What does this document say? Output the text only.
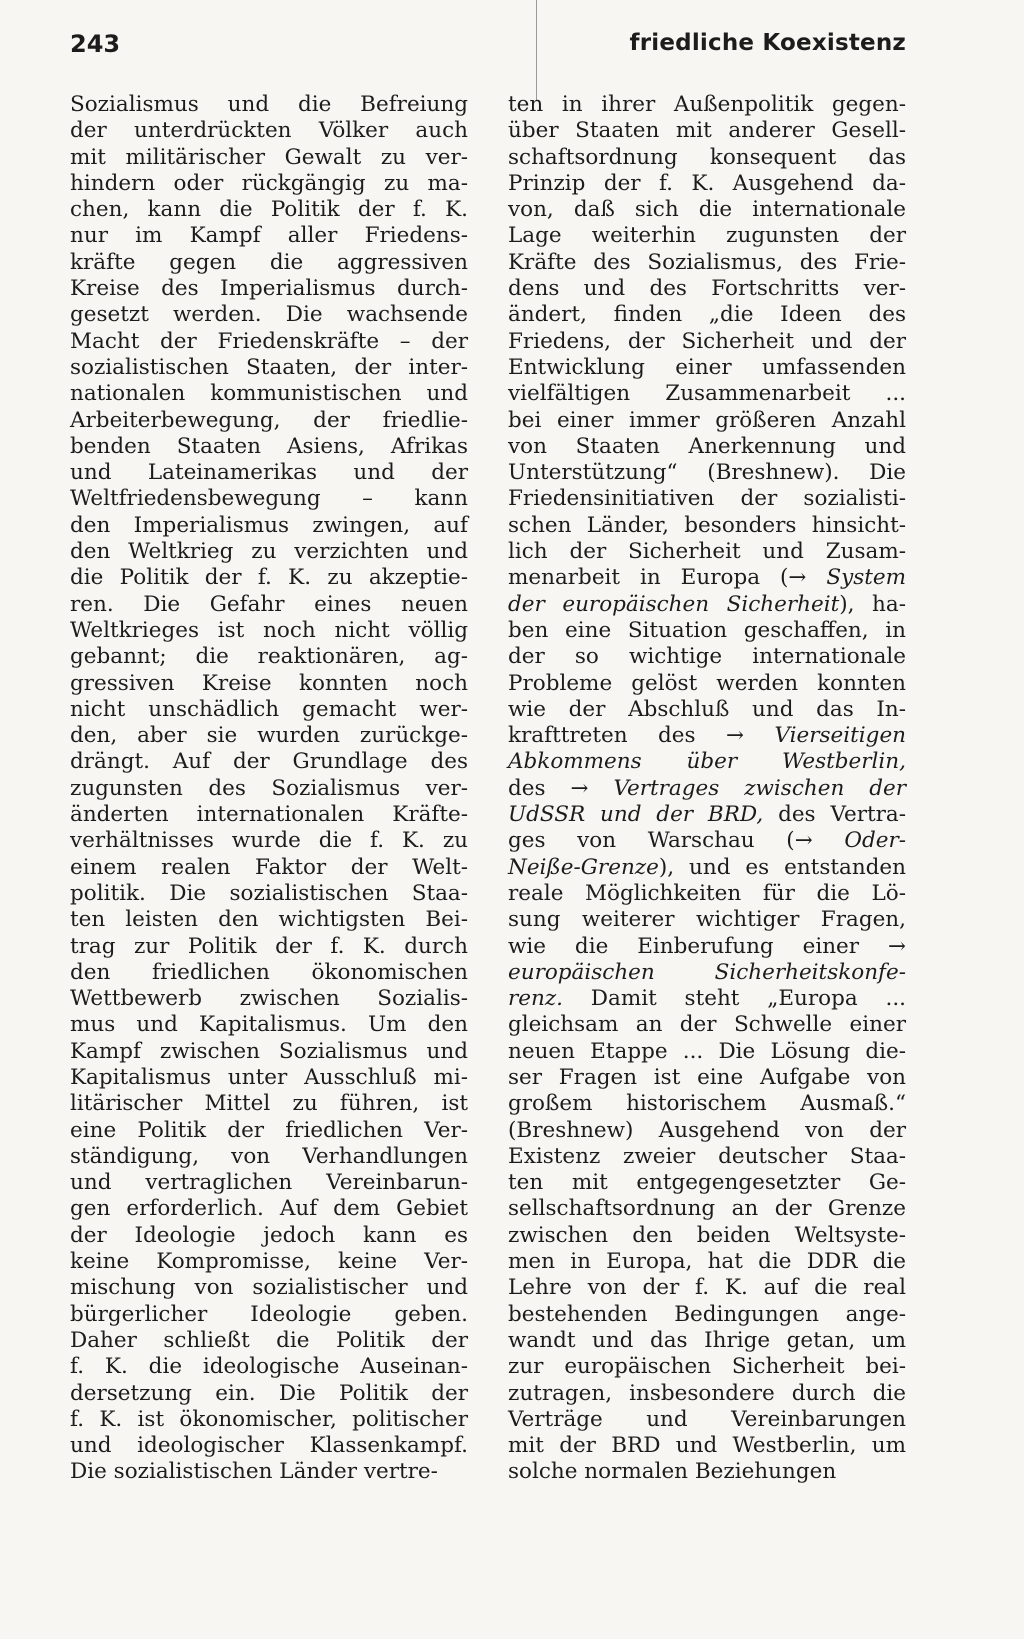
243	friedliche Koexistenz
Sozialismus und die Befreiung
der unterdrückten Völker auch
mit militärischer Gewalt zu ver-
hindern oder rückgängig zu ma-
chen, kann die Politik der f. K.
nur im Kampf aller Friedens-
kräfte gegen die aggressiven
Kreise des Imperialismus durch-
gesetzt werden. Die wachsende
Macht der Friedenskräfte – der
sozialistischen Staaten, der inter-
nationalen kommunistischen und
Arbeiterbewegung, der friedlie-
benden Staaten Asiens, Afrikas
und Lateinamerikas und der
Weltfriedensbewegung – kann
den Imperialismus zwingen, auf
den Weltkrieg zu verzichten und
die Politik der f. K. zu akzeptie-
ren. Die Gefahr eines neuen
Weltkrieges ist noch nicht völlig
gebannt; die reaktionären, ag-
gressiven Kreise konnten noch
nicht unschädlich gemacht wer-
den, aber sie wurden zurückge-
drängt. Auf der Grundlage des
zugunsten des Sozialismus ver-
änderten internationalen Kräfte-
verhältnisses wurde die f. K. zu
einem realen Faktor der Welt-
politik. Die sozialistischen Staa-
ten leisten den wichtigsten Bei-
trag zur Politik der f. K. durch
den friedlichen ökonomischen
Wettbewerb zwischen Sozialis-
mus und Kapitalismus. Um den
Kampf zwischen Sozialismus und
Kapitalismus unter Ausschluß mi-
litärischer Mittel zu führen, ist
eine Politik der friedlichen Ver-
ständigung, von Verhandlungen
und vertraglichen Vereinbarun-
gen erforderlich. Auf dem Gebiet
der Ideologie jedoch kann es
keine Kompromisse, keine Ver-
mischung von sozialistischer und
bürgerlicher Ideologie geben.
Daher schließt die Politik der
f. K. die ideologische Auseinan-
dersetzung ein. Die Politik der
f. K. ist ökonomischer, politischer
und ideologischer Klassenkampf.
Die sozialistischen Länder vertre-
ten in ihrer Außenpolitik gegen-
über Staaten mit anderer Gesell-
schaftsordnung konsequent das
Prinzip der f. K. Ausgehend da-
von, daß sich die internationale
Lage weiterhin zugunsten der
Kräfte des Sozialismus, des Frie-
dens und des Fortschritts ver-
ändert, finden „die Ideen des
Friedens, der Sicherheit und der
Entwicklung einer umfassenden
vielfältigen Zusammenarbeit ...
bei einer immer größeren Anzahl
von Staaten Anerkennung und
Unterstützung“ (Breshnew). Die
Friedensinitiativen der sozialisti-
schen Länder, besonders hinsicht-
lich der Sicherheit und Zusam-
menarbeit in Europa (→ System
der europäischen Sicherheit), ha-
ben eine Situation geschaffen, in
der so wichtige internationale
Probleme gelöst werden konnten
wie der Abschluß und das In-
krafttreten des → Vierseitigen
Abkommens über Westberlin,
des → Vertrages zwischen der
UdSSR und der BRD, des Vertra-
ges von Warschau (→ Oder-
Neiße-Grenze), und es entstanden
reale Möglichkeiten für die Lö-
sung weiterer wichtiger Fragen,
wie die Einberufung einer →
europäischen Sicherheitskonfe-
renz. Damit steht „Europa ...
gleichsam an der Schwelle einer
neuen Etappe ... Die Lösung die-
ser Fragen ist eine Aufgabe von
großem historischem Ausmaß.“
(Breshnew) Ausgehend von der
Existenz zweier deutscher Staa-
ten mit entgegengesetzter Ge-
sellschaftsordnung an der Grenze
zwischen den beiden Weltsyste-
men in Europa, hat die DDR die
Lehre von der f. K. auf die real
bestehenden Bedingungen ange-
wandt und das Ihrige getan, um
zur europäischen Sicherheit bei-
zutragen, insbesondere durch die
Verträge und Vereinbarungen
mit der BRD und Westberlin, um
solche normalen Beziehungen
